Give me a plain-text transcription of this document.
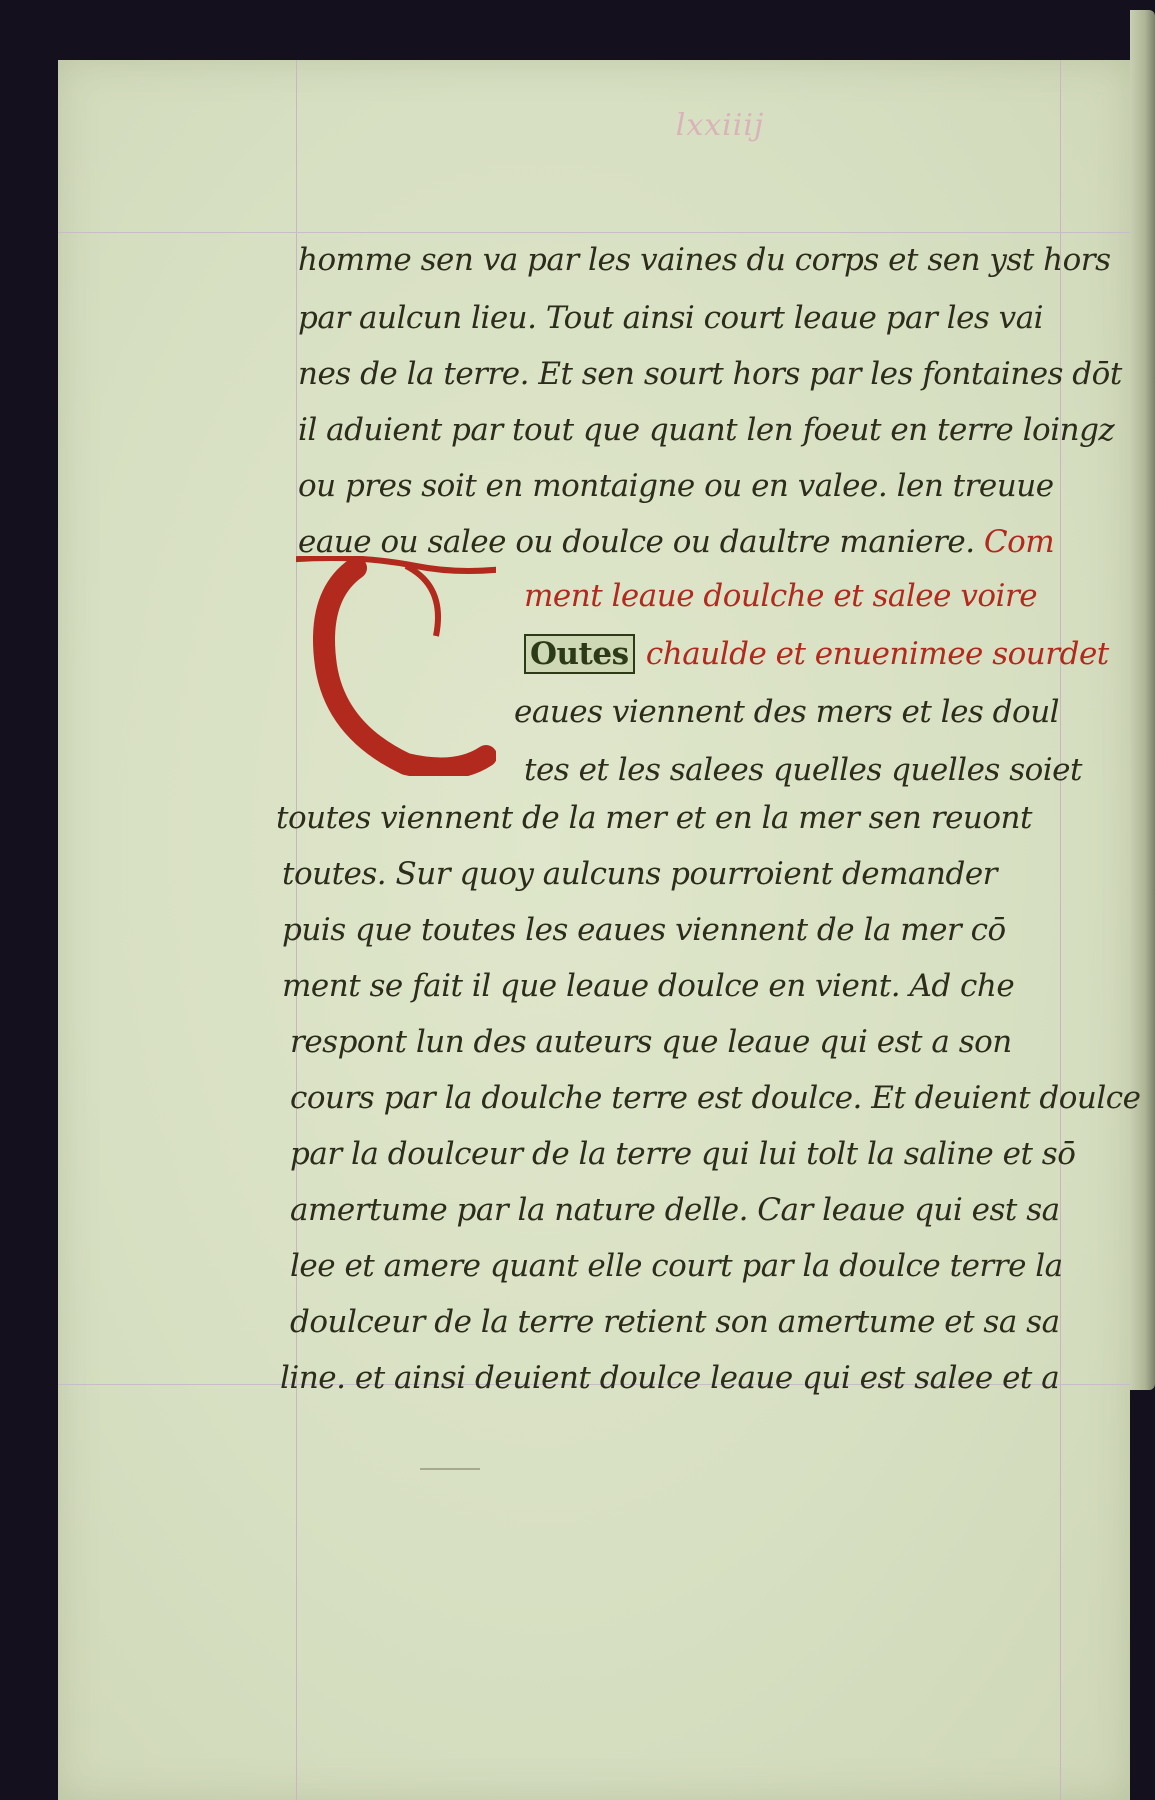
lxxiiij
homme sen va par les vaines du corps et sen yst hors
par aulcun lieu. Tout ainsi court leaue par les vai
nes de la terre. Et sen sourt hors par les fontaines dōt
il aduient par tout que quant len foeut en terre loingz
ou pres soit en montaigne ou en valee. len treuue
eaue ou salee ou doulce ou daultre maniere. Com
T
ment leaue doulche et salee voire
Outes chaulde et enuenimee sourdet
eaues viennent des mers et les doul
tes et les salees quelles quelles soiet
toutes viennent de la mer et en la mer sen reuont
toutes. Sur quoy aulcuns pourroient demander
puis que toutes les eaues viennent de la mer cō
ment se fait il que leaue doulce en vient. Ad che
respont lun des auteurs que leaue qui est a son
cours par la doulche terre est doulce. Et deuient doulce
par la doulceur de la terre qui lui tolt la saline et sō
amertume par la nature delle. Car leaue qui est sa
lee et amere quant elle court par la doulce terre la
doulceur de la terre retient son amertume et sa sa
line. et ainsi deuient doulce leaue qui est salee et a
